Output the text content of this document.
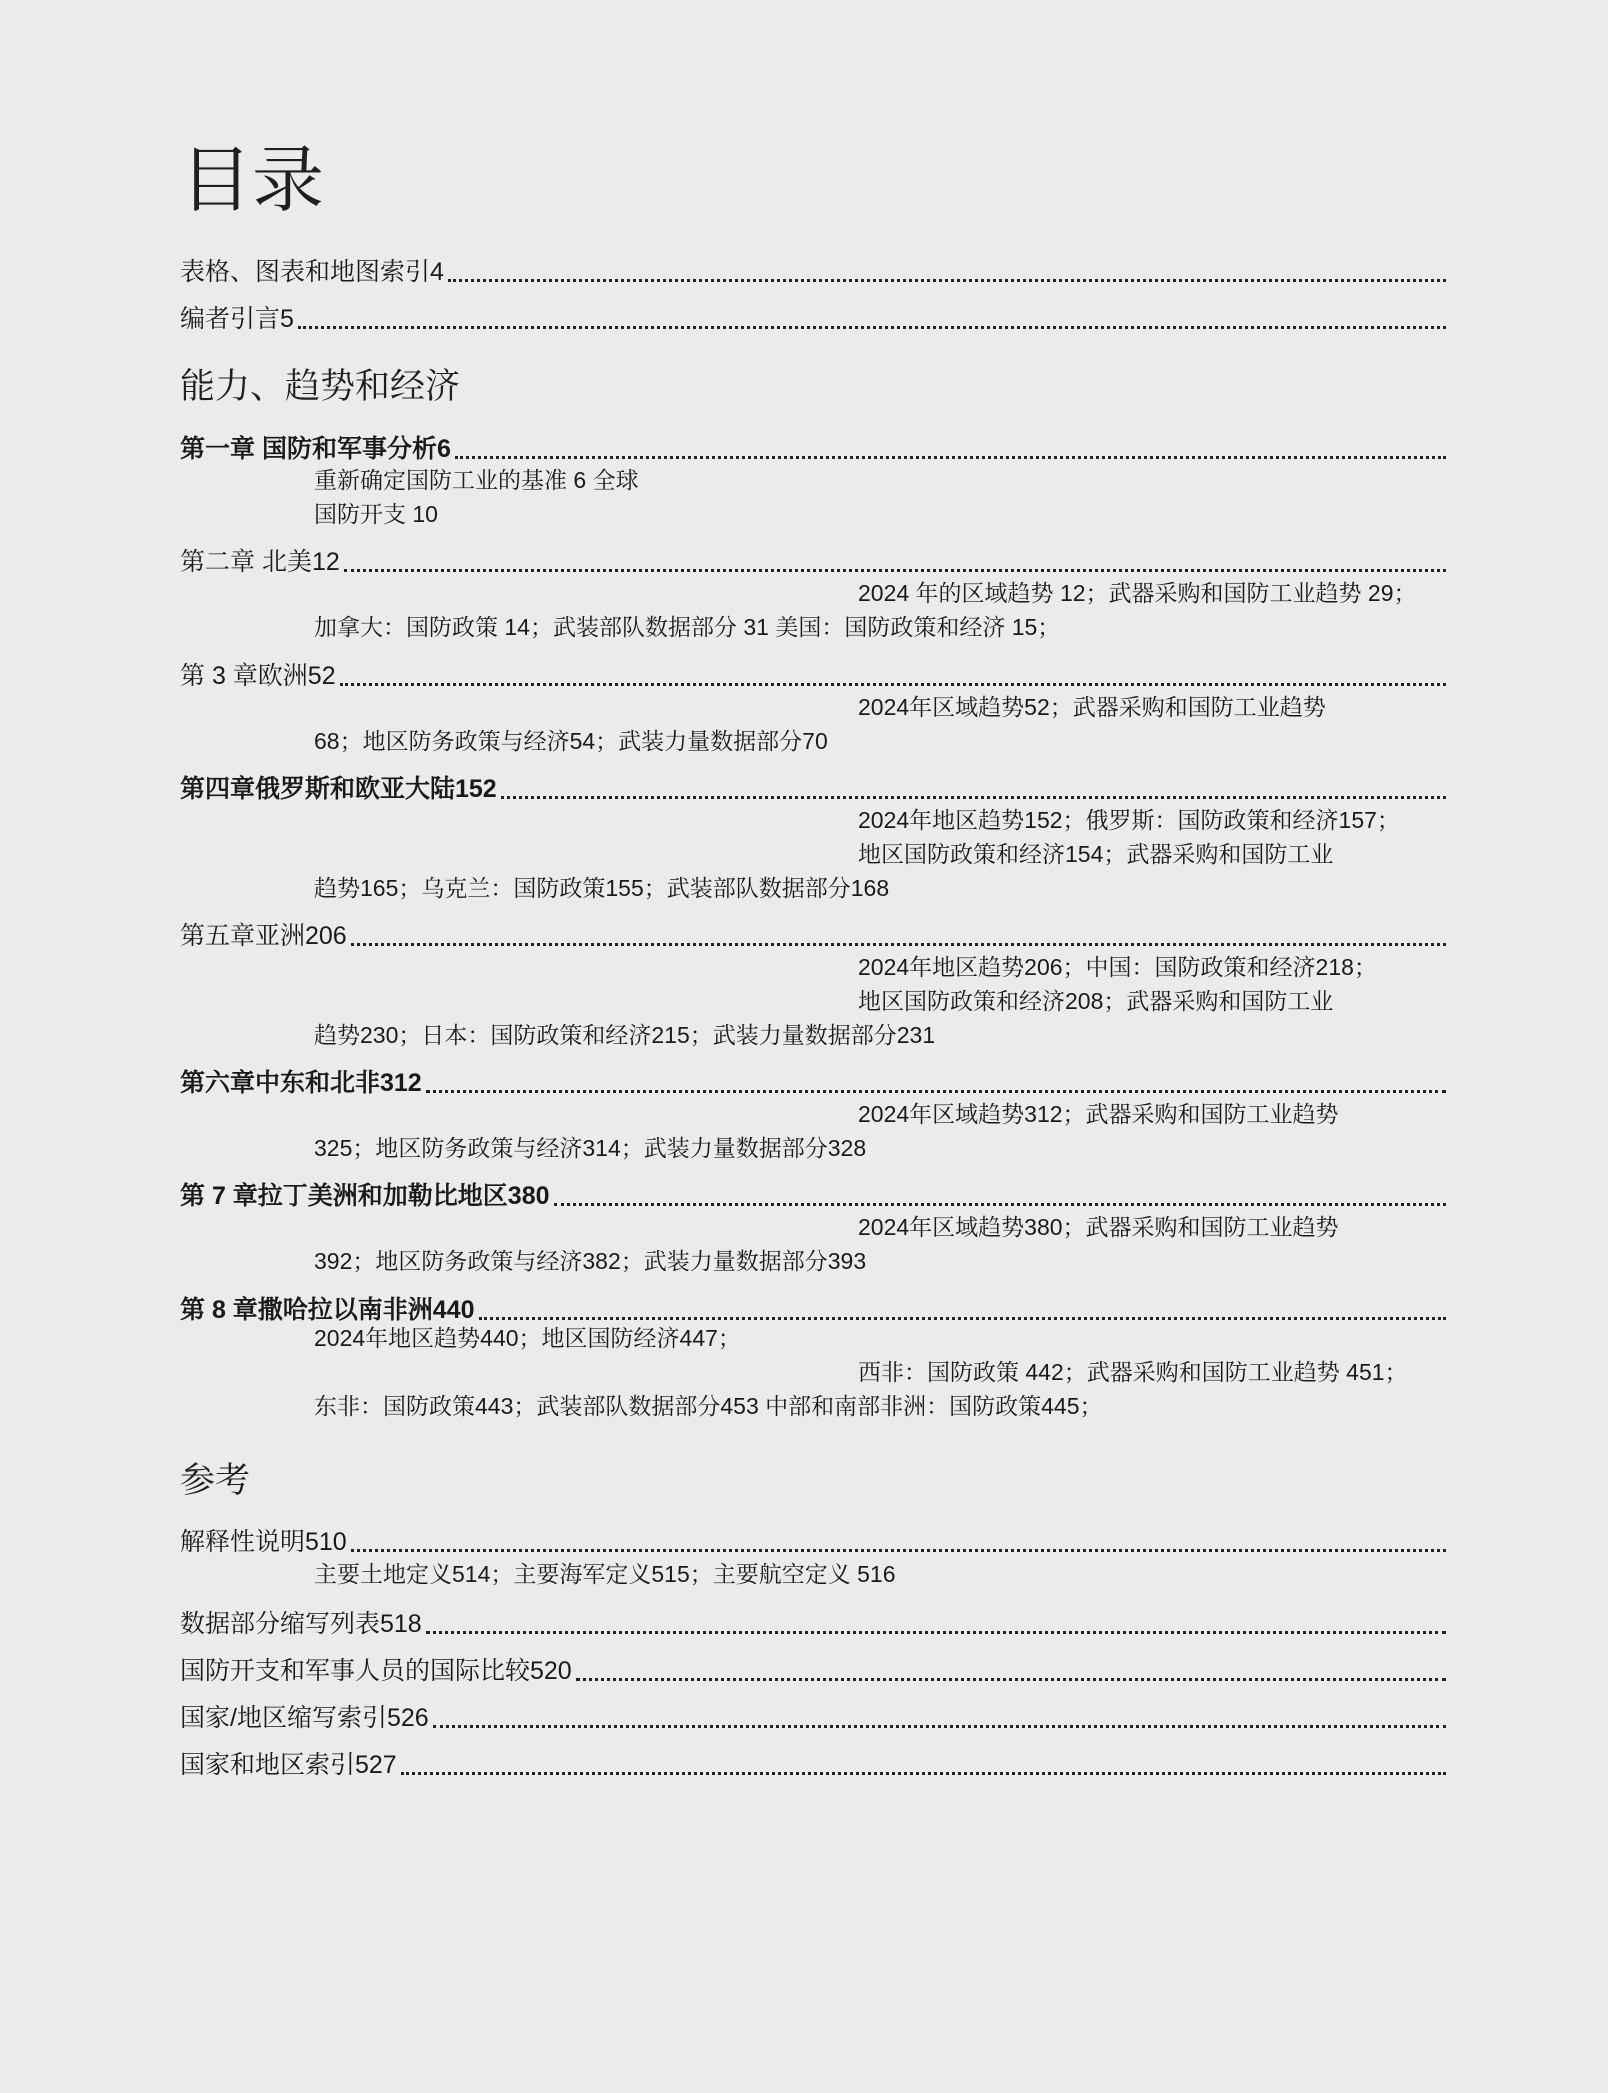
目录
表格、图表和地图索引4
编者引言5
能力、趋势和经济
第一章 国防和军事分析6
重新确定国防工业的基准 6 全球
国防开支 10
第二章 北美12
2024 年的区域趋势 12；武器采购和国防工业趋势 29；
加拿大：国防政策 14；武装部队数据部分 31 美国：国防政策和经济 15；
第 3 章欧洲52
2024年区域趋势52；武器采购和国防工业趋势
68；地区防务政策与经济54；武装力量数据部分70
第四章俄罗斯和欧亚大陆152
2024年地区趋势152；俄罗斯：国防政策和经济157；
地区国防政策和经济154；武器采购和国防工业
趋势165；乌克兰：国防政策155；武装部队数据部分168
第五章亚洲206
2024年地区趋势206；中国：国防政策和经济218；
地区国防政策和经济208；武器采购和国防工业
趋势230；日本：国防政策和经济215；武装力量数据部分231
第六章中东和北非312
2024年区域趋势312；武器采购和国防工业趋势
325；地区防务政策与经济314；武装力量数据部分328
第 7 章拉丁美洲和加勒比地区380
2024年区域趋势380；武器采购和国防工业趋势
392；地区防务政策与经济382；武装力量数据部分393
第 8 章撒哈拉以南非洲440
2024年地区趋势440；地区国防经济447；
西非：国防政策 442；武器采购和国防工业趋势 451；
东非：国防政策443；武装部队数据部分453 中部和南部非洲：国防政策445；
参考
解释性说明510
主要土地定义514；主要海军定义515；主要航空定义 516
数据部分缩写列表518
国防开支和军事人员的国际比较520
国家/地区缩写索引526
国家和地区索引527
